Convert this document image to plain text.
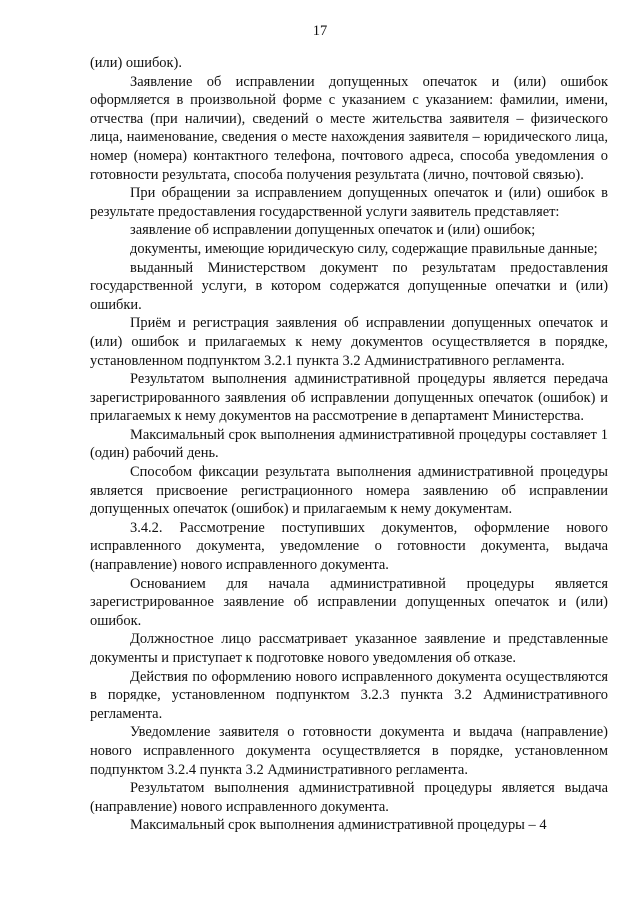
17

(или) ошибок).

Заявление об исправлении допущенных опечаток и (или) ошибок оформляется в произвольной форме с указанием с указанием: фамилии, имени, отчества (при наличии), сведений о месте жительства заявителя – физического лица, наименование, сведения о месте нахождения заявителя – юридического лица, номер (номера) контактного телефона, почтового адреса, способа уведомления о готовности результата, способа получения результата (лично, почтовой связью).

При обращении за исправлением допущенных опечаток и (или) ошибок в результате предоставления государственной услуги заявитель представляет:

заявление об исправлении допущенных опечаток и (или) ошибок;

документы, имеющие юридическую силу, содержащие правильные данные;

выданный Министерством документ по результатам предоставления государственной услуги, в котором содержатся допущенные опечатки и (или) ошибки.

Приём и регистрация заявления об исправлении допущенных опечаток и (или) ошибок и прилагаемых к нему документов осуществляется в порядке, установленном подпунктом 3.2.1 пункта 3.2 Административного регламента.

Результатом выполнения административной процедуры является передача зарегистрированного заявления об исправлении допущенных опечаток (ошибок) и прилагаемых к нему документов на рассмотрение в департамент Министерства.

Максимальный срок выполнения административной процедуры составляет 1 (один) рабочий день.

Способом фиксации результата выполнения административной процедуры является присвоение регистрационного номера заявлению об исправлении допущенных опечаток (ошибок) и прилагаемым к нему документам.

3.4.2. Рассмотрение поступивших документов, оформление нового исправленного документа, уведомление о готовности документа, выдача (направление) нового исправленного документа.

Основанием для начала административной процедуры является зарегистрированное заявление об исправлении допущенных опечаток и (или) ошибок.

Должностное лицо рассматривает указанное заявление и представленные документы и приступает к подготовке нового уведомления об отказе.

Действия по оформлению нового исправленного документа осуществляются в порядке, установленном подпунктом 3.2.3 пункта 3.2 Административного регламента.

Уведомление заявителя о готовности документа и выдача (направление) нового исправленного документа осуществляется в порядке, установленном подпунктом 3.2.4 пункта 3.2 Административного регламента.

Результатом выполнения административной процедуры является выдача (направление) нового исправленного документа.

Максимальный срок выполнения административной процедуры – 4
